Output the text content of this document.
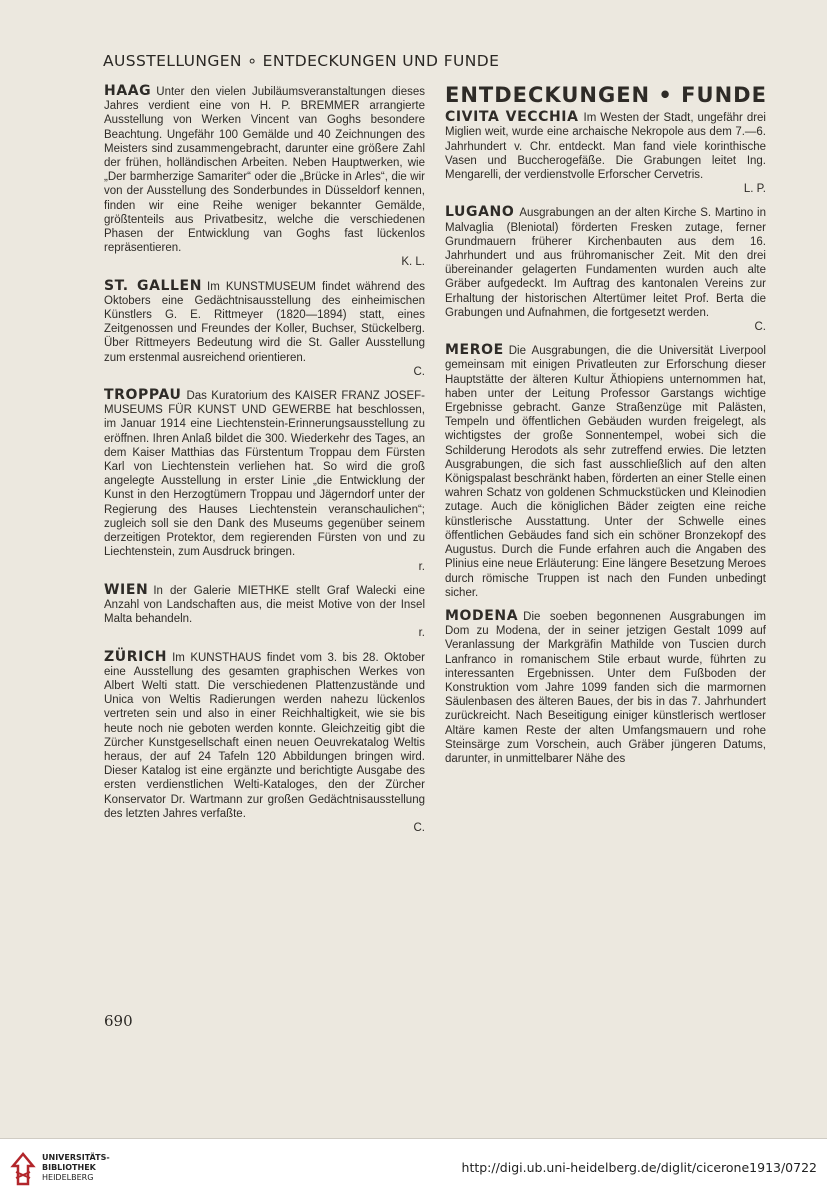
AUSSTELLUNGEN ∘ ENTDECKUNGEN UND FUNDE

HAAG Unter den vielen Jubiläumsveranstaltungen dieses Jahres verdient eine von H. P. BREMMER arrangierte Ausstellung von Werken Vincent van Goghs besondere Beachtung. Ungefähr 100 Gemälde und 40 Zeichnungen des Meisters sind zusammengebracht, darunter eine größere Zahl der frühen, holländischen Arbeiten. Neben Hauptwerken, wie „Der barmherzige Samariter“ oder die „Brücke in Arles“, die wir von der Ausstellung des Sonderbundes in Düsseldorf kennen, finden wir eine Reihe weniger bekannter Gemälde, größtenteils aus Privatbesitz, welche die verschiedenen Phasen der Entwicklung van Goghs fast lückenlos repräsentieren.
K. L.

ST. GALLEN Im KUNSTMUSEUM findet während des Oktobers eine Gedächtnisausstellung des einheimischen Künstlers G. E. Rittmeyer (1820—1894) statt, eines Zeitgenossen und Freundes der Koller, Buchser, Stückelberg. Über Rittmeyers Bedeutung wird die St. Galler Ausstellung zum erstenmal ausreichend orientieren.
C.

TROPPAU Das Kuratorium des KAISER FRANZ JOSEF-MUSEUMS FÜR KUNST UND GEWERBE hat beschlossen, im Januar 1914 eine Liechtenstein-Erinnerungsausstellung zu eröffnen. Ihren Anlaß bildet die 300. Wiederkehr des Tages, an dem Kaiser Matthias das Fürstentum Troppau dem Fürsten Karl von Liechtenstein verliehen hat. So wird die groß angelegte Ausstellung in erster Linie „die Entwicklung der Kunst in den Herzogtümern Troppau und Jägerndorf unter der Regierung des Hauses Liechtenstein veranschaulichen“; zugleich soll sie den Dank des Museums gegenüber seinem derzeitigen Protektor, dem regierenden Fürsten von und zu Liechtenstein, zum Ausdruck bringen.
r.

WIEN In der Galerie MIETHKE stellt Graf Walecki eine Anzahl von Landschaften aus, die meist Motive von der Insel Malta behandeln.
r.

ZÜRICH Im KUNSTHAUS findet vom 3. bis 28. Oktober eine Ausstellung des gesamten graphischen Werkes von Albert Welti statt. Die verschiedenen Plattenzustände und Unica von Weltis Radierungen werden nahezu lückenlos vertreten sein und also in einer Reichhaltigkeit, wie sie bis heute noch nie geboten werden konnte. Gleichzeitig gibt die Zürcher Kunstgesellschaft einen neuen Oeuvrekatalog Weltis heraus, der auf 24 Tafeln 120 Abbildungen bringen wird. Dieser Katalog ist eine ergänzte und berichtigte Ausgabe des ersten verdienstlichen Welti-Kataloges, den der Zürcher Konservator Dr. Wartmann zur großen Gedächtnisausstellung des letzten Jahres verfaßte.
C.

ENTDECKUNGEN • FUNDE

CIVITA VECCHIA Im Westen der Stadt, ungefähr drei Miglien weit, wurde eine archaische Nekropole aus dem 7.—6. Jahrhundert v. Chr. entdeckt. Man fand viele korinthische Vasen und Buccherogefäße. Die Grabungen leitet Ing. Mengarelli, der verdienstvolle Erforscher Cervetris.
L. P.

LUGANO Ausgrabungen an der alten Kirche S. Martino in Malvaglia (Bleniotal) förderten Fresken zutage, ferner Grundmauern früherer Kirchenbauten aus dem 16. Jahrhundert und aus frühromanischer Zeit. Mit den drei übereinander gelagerten Fundamenten wurden auch alte Gräber aufgedeckt. Im Auftrag des kantonalen Vereins zur Erhaltung der historischen Altertümer leitet Prof. Berta die Grabungen und Aufnahmen, die fortgesetzt werden.
C.

MEROE Die Ausgrabungen, die die Universität Liverpool gemeinsam mit einigen Privatleuten zur Erforschung dieser Hauptstätte der älteren Kultur Äthiopiens unternommen hat, haben unter der Leitung Professor Garstangs wichtige Ergebnisse gebracht. Ganze Straßenzüge mit Palästen, Tempeln und öffentlichen Gebäuden wurden freigelegt, als wichtigstes der große Sonnentempel, wobei sich die Schilderung Herodots als sehr zutreffend erwies. Die letzten Ausgrabungen, die sich fast ausschließlich auf den alten Königspalast beschränkt haben, förderten an einer Stelle einen wahren Schatz von goldenen Schmuckstücken und Kleinodien zutage. Auch die königlichen Bäder zeigten eine reiche künstlerische Ausstattung. Unter der Schwelle eines öffentlichen Gebäudes fand sich ein schöner Bronzekopf des Augustus. Durch die Funde erfahren auch die Angaben des Plinius eine neue Erläuterung: Eine längere Besetzung Meroes durch römische Truppen ist nach den Funden unbedingt sicher.

MODENA Die soeben begonnenen Ausgrabungen im Dom zu Modena, der in seiner jetzigen Gestalt 1099 auf Veranlassung der Markgräfin Mathilde von Tuscien durch Lanfranco in romanischem Stile erbaut wurde, führten zu interessanten Ergebnissen. Unter dem Fußboden der Konstruktion vom Jahre 1099 fanden sich die marmornen Säulenbasen des älteren Baues, der bis in das 7. Jahrhundert zurückreicht. Nach Beseitigung einiger künstlerisch wertloser Altäre kamen Reste der alten Umfangsmauern und rohe Steinsärge zum Vorschein, auch Gräber jüngeren Datums, darunter, in unmittelbarer Nähe des

690
UNIVERSITÄTS-
BIBLIOTHEK
HEIDELBERG
http://digi.ub.uni-heidelberg.de/diglit/cicerone1913/0722
